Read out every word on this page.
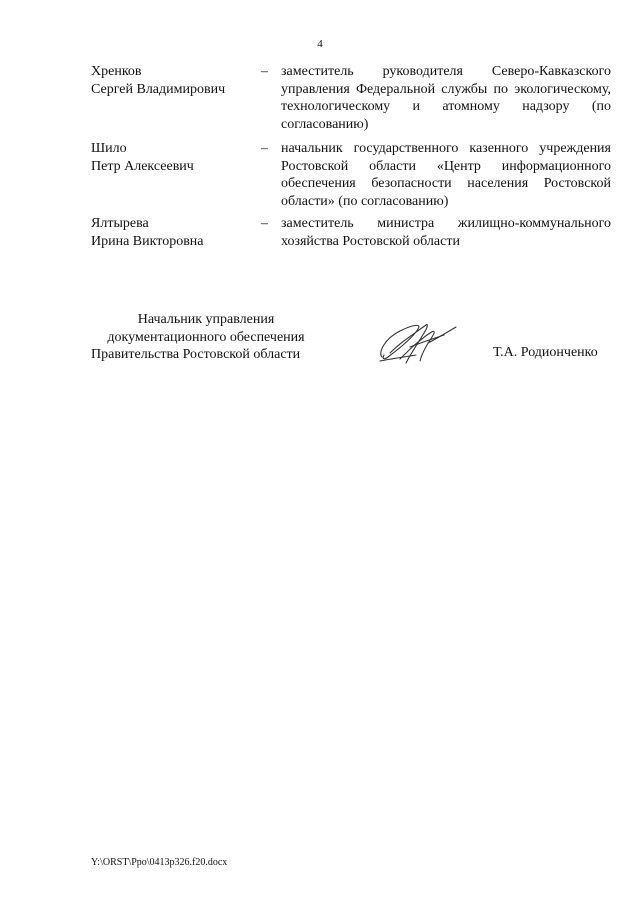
4
Хренков
Сергей Владимирович
– заместитель руководителя Северо-Кавказского управления Федеральной службы по экологическому, технологическому и атомному надзору (по согласованию)
Шило
Петр Алексеевич
– начальник государственного казенного учреждения Ростовской области «Центр информационного обеспечения безопасности населения Ростовской области» (по согласованию)
Ялтырева
Ирина Викторовна
– заместитель министра жилищно-коммунального хозяйства Ростовской области
Начальник управления
документационного обеспечения
Правительства Ростовской области	Т.А. Родионченко
Y:\ORST\Ppo\0413p326.f20.docx
